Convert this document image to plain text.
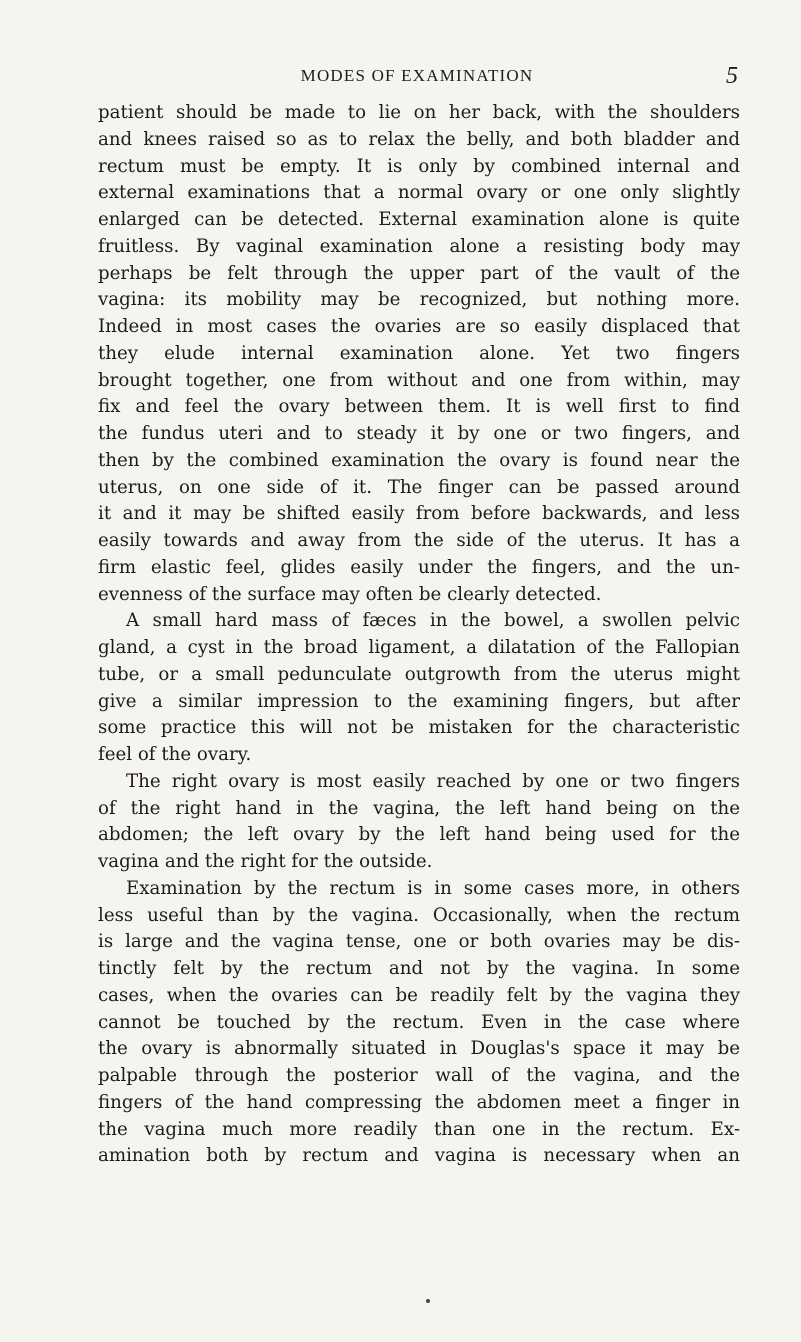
MODES OF EXAMINATION	5
patient should be made to lie on her back, with the shoulders
and knees raised so as to relax the belly, and both bladder and
rectum must be empty. It is only by combined internal and
external examinations that a normal ovary or one only slightly
enlarged can be detected. External examination alone is quite
fruitless. By vaginal examination alone a resisting body may
perhaps be felt through the upper part of the vault of the
vagina: its mobility may be recognized, but nothing more.
Indeed in most cases the ovaries are so easily displaced that
they elude internal examination alone. Yet two fingers
brought together, one from without and one from within, may
fix and feel the ovary between them. It is well first to find
the fundus uteri and to steady it by one or two fingers, and
then by the combined examination the ovary is found near the
uterus, on one side of it. The finger can be passed around
it and it may be shifted easily from before backwards, and less
easily towards and away from the side of the uterus. It has a
firm elastic feel, glides easily under the fingers, and the un-
evenness of the surface may often be clearly detected.
A small hard mass of fæces in the bowel, a swollen pelvic
gland, a cyst in the broad ligament, a dilatation of the Fallopian
tube, or a small pedunculate outgrowth from the uterus might
give a similar impression to the examining fingers, but after
some practice this will not be mistaken for the characteristic
feel of the ovary.
The right ovary is most easily reached by one or two fingers
of the right hand in the vagina, the left hand being on the
abdomen; the left ovary by the left hand being used for the
vagina and the right for the outside.
Examination by the rectum is in some cases more, in others
less useful than by the vagina. Occasionally, when the rectum
is large and the vagina tense, one or both ovaries may be dis-
tinctly felt by the rectum and not by the vagina. In some
cases, when the ovaries can be readily felt by the vagina they
cannot be touched by the rectum. Even in the case where
the ovary is abnormally situated in Douglas's space it may be
palpable through the posterior wall of the vagina, and the
fingers of the hand compressing the abdomen meet a finger in
the vagina much more readily than one in the rectum. Ex-
amination both by rectum and vagina is necessary when an
